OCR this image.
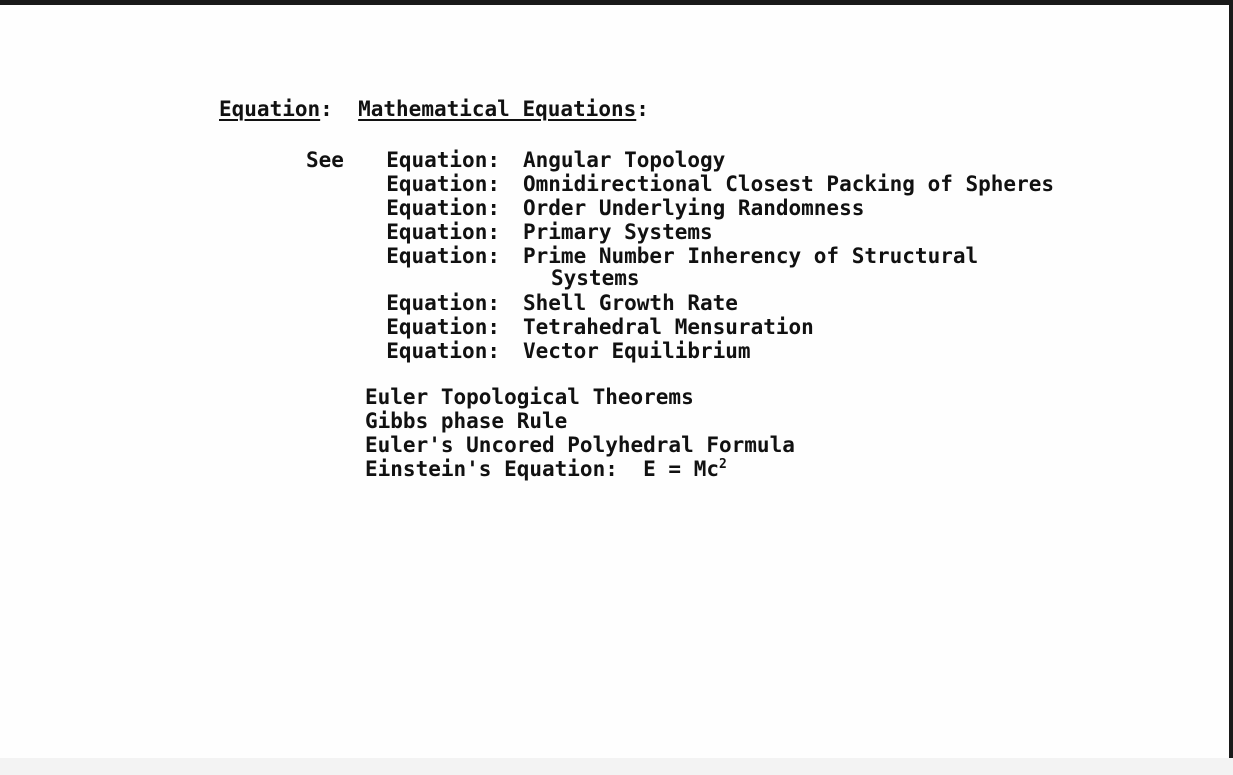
Equation: Mathematical Equations:
See	Equation: Angular Topology
Equation: Omnidirectional Closest Packing of Spheres
Equation: Order Underlying Randomness
Equation: Primary Systems
Equation: Prime Number Inherency of Structural
Systems
Equation: Shell Growth Rate
Equation: Tetrahedral Mensuration
Equation: Vector Equilibrium
Euler Topological Theorems
Gibbs phase Rule
Euler's Uncored Polyhedral Formula
Einstein's Equation:  $E = Mc^2$
